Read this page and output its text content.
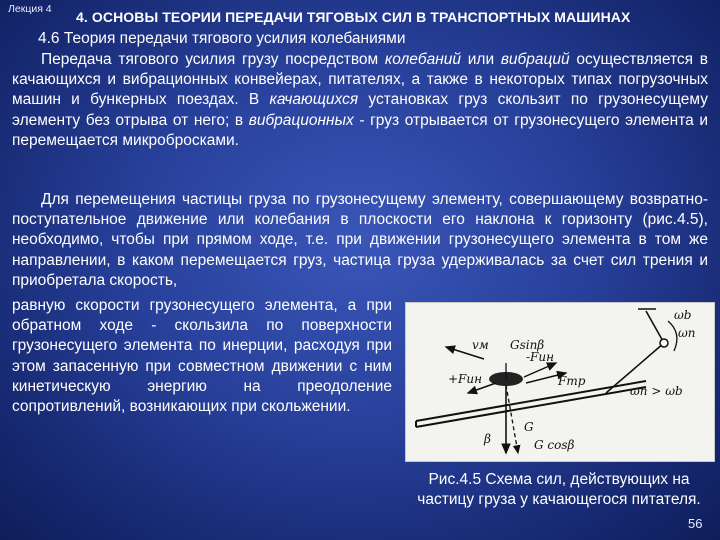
Лекция 4 4. ОСНОВЫ ТЕОРИИ ПЕРЕДАЧИ ТЯГОВЫХ СИЛ В ТРАНСПОРТНЫХ МАШИНАХ
4.6 Теория передачи тягового усилия колебаниями

Передача тягового усилия грузу посредством колебаний или вибраций осуществляется в качающихся и вибрационных конвейерах, питателях, а также в некоторых типах погрузочных машин и бункерных поездах. В качающихся установках груз скользит по грузонесущему элементу без отрыва от него; в вибрационных - груз отрывается от грузонесущего элемента и перемещается микробросками.

Для перемещения частицы груза по грузонесущему элементу, совершающему возвратно-поступательное движение или колебания в плоскости его наклона к горизонту (рис.4.5), необходимо, чтобы при прямом ходе, т.е. при движении грузонесущего элемента в том же направлении, в каком перемещается груз, частица груза удерживалась за счет сил трения и приобретала скорость,

равную скорости грузонесущего элемента, а при обратном ходе - скользила по поверхности грузонесущего элемента по инерции, расходуя при этом запасенную при совместном движении с ним кинетическую энергию на преодоление сопротивлений, возникающих при скольжении.
ωb
ωn
ωn > ωb
vм Gsinβ
-Fин
+Fин	Fтр
G
G cosβ
β
Рис.4.5 Схема сил, действующих на частицу груза у качающегося питателя.
56
